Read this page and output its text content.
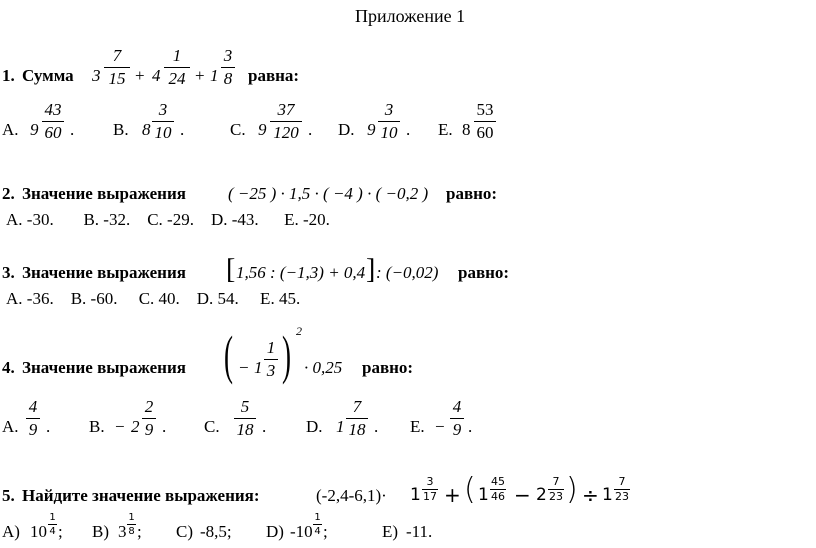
Приложение 1
1. Сумма 3
7
15 + 4
1
24 + 1
3
8 равна:
A. 9
43
60 . B. 8
3
10 .	C. 9
37
120 . D. 9
3
10 . E. 8
53
60
2. Значение выражения ( −25 ) · 1,5 · ( −4 ) · ( −0,2 ) равно:
A. -30.       B. -32.    C. -29.    D. -43.      E. -20.
3. Значение выражения [ 1,56 : (−1,3) + 0,4 ] : (−0,02) равно:
A. -36.    B. -60.     C. 40.    D. 54.     E. 45.
4. Значение выражения ( − 1
1
3 ) 2
· 0,25 равно:
A.
4
9 . B. − 2
2
9 . C.
5
18 . D. 1
7
18 . E. −
4
9 .
5. Найдите значение выражения:	(-2,4-6,1)· 1
3
17 + ( 1
45
46 − 2
7
23 ) ÷ 1
7
23
A) 10
1
4 ; B) 3
1
8 ; C) -8,5; D) -10
1
4 ;	E) -11.
